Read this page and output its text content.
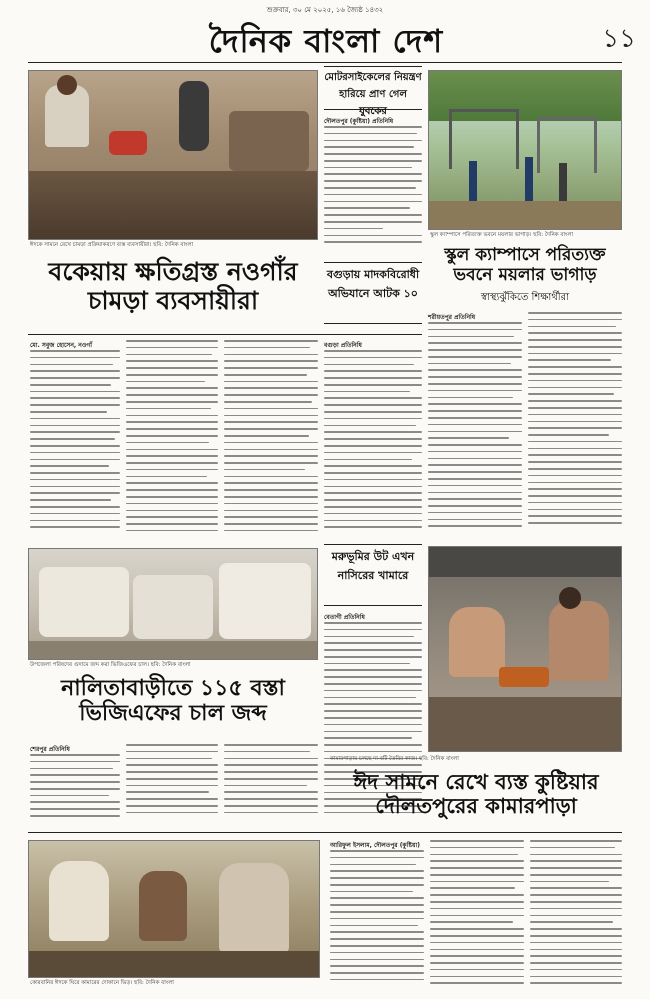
শুক্রবার, ৩০ মে ২০২৫, ১৬ জ্যৈষ্ঠ ১৪৩২
দৈনিক বাংলা দেশ	১১
ঈদকে সামনে রেখে চামড়া প্রক্রিয়াকরণে ব্যস্ত ব্যবসায়ীরা। ছবি: দৈনিক বাংলা
মোটরসাইকেলের নিয়ন্ত্রণ হারিয়ে প্রাণ গেল যুবকের
দৌলতপুর (কুষ্টিয়া) প্রতিনিধি
স্কুল ক্যাম্পাসে পরিত্যক্ত ভবনে ময়লার ভাগাড়। ছবি: দৈনিক বাংলা
বকেয়ায় ক্ষতিগ্রস্ত নওগাঁর চামড়া ব্যবসায়ীরা
স্কুল ক্যাম্পাসে পরিত্যক্ত ভবনে ময়লার ভাগাড়
স্বাস্থ্যঝুঁকিতে শিক্ষার্থীরা
বগুড়ায় মাদকবিরোধী অভিযানে আটক ১০
মো. সবুজ হোসেন, নওগাঁ	বগুড়া প্রতিনিধি
শরীয়তপুর প্রতিনিধি
মরুভূমির উট এখন নাসিরের খামারে
বেতাগী প্রতিনিধি
উপজেলা পরিষদের গুদামে জব্দ করা ভিজিএফের চাল। ছবি: দৈনিক বাংলা
নালিতাবাড়ীতে ১১৫ বস্তা ভিজিএফের চাল জব্দ
শেরপুর প্রতিনিধি
কামারপাড়ায় চলছে দা-বটি তৈরির কাজ। ছবি: দৈনিক বাংলা
ঈদ সামনে রেখে ব্যস্ত কুষ্টিয়ার দৌলতপুরের কামারপাড়া
কোরবানির ঈদকে ঘিরে কামারের দোকানে ভিড়। ছবি: দৈনিক বাংলা
আরিফুল ইসলাম, দৌলতপুর (কুষ্টিয়া)
